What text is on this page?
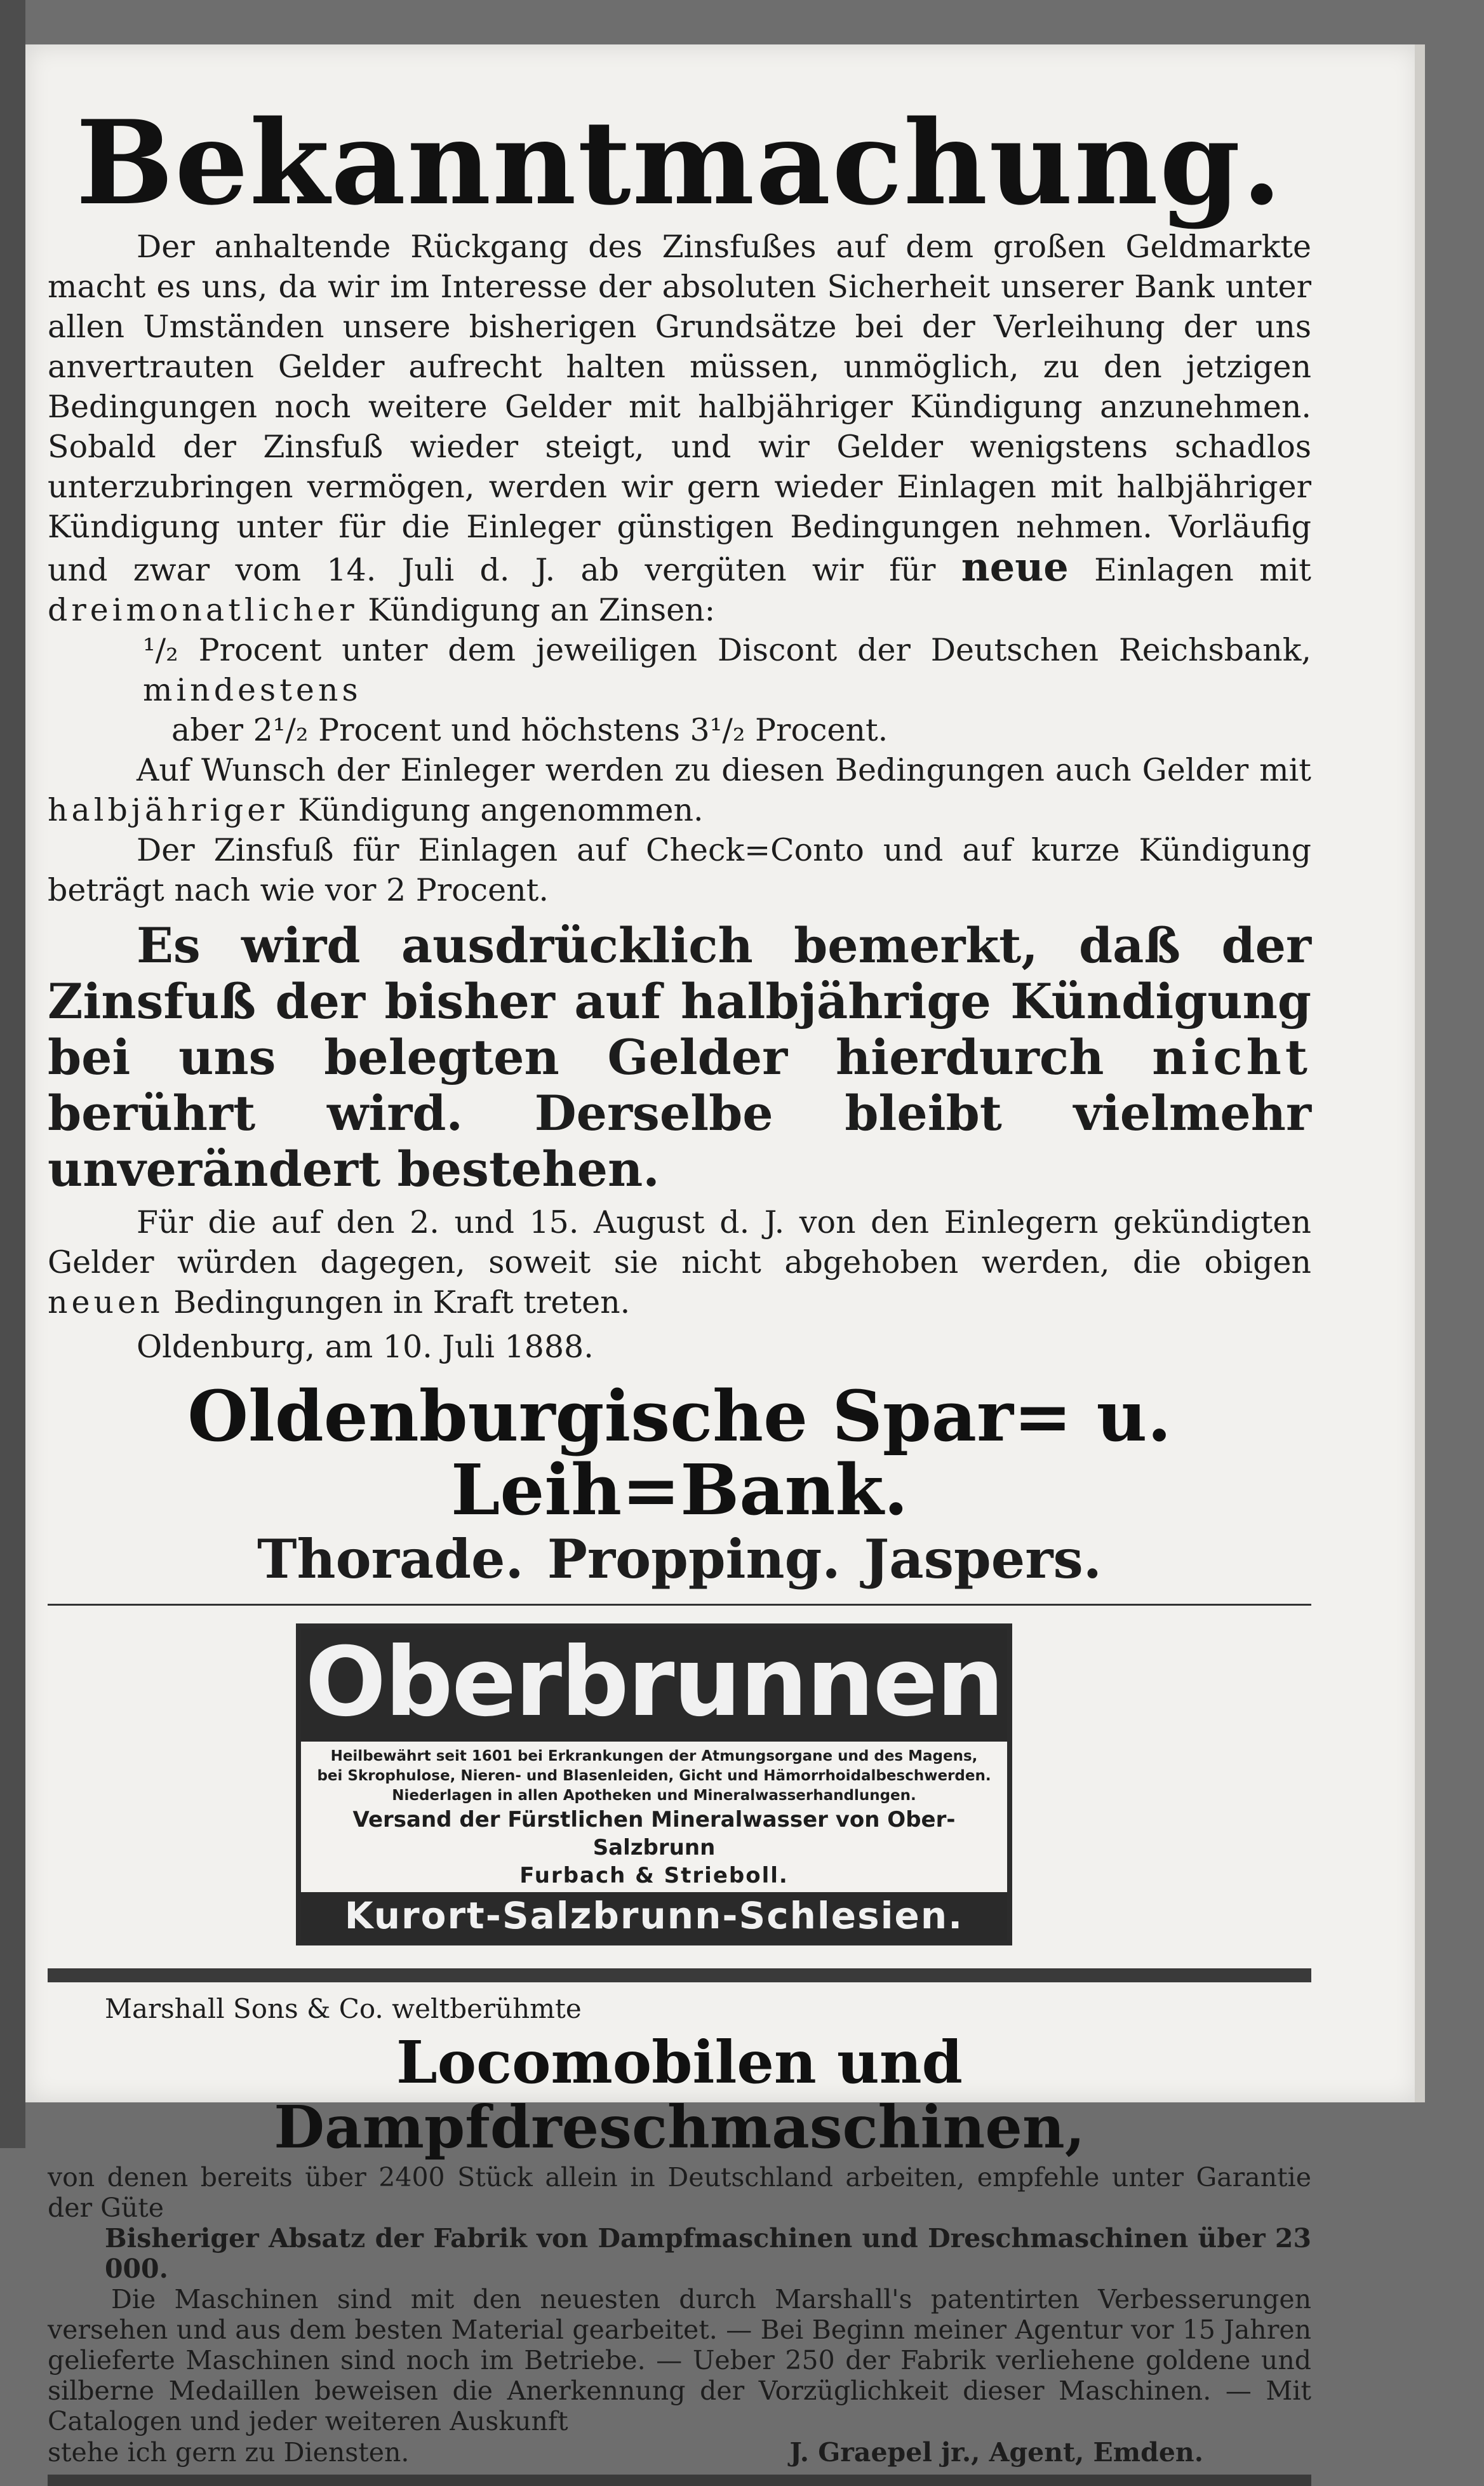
Bekanntmachung.

Der anhaltende Rückgang des Zinsfußes auf dem großen Geldmarkte macht es uns, da wir im Interesse der absoluten Sicherheit unserer Bank unter allen Umständen unsere bisherigen Grundsätze bei der Verleihung der uns anvertrauten Gelder aufrecht halten müssen, unmöglich, zu den jetzigen Bedingungen noch weitere Gelder mit halbjähriger Kündigung anzunehmen. Sobald der Zinsfuß wieder steigt, und wir Gelder wenigstens schadlos unterzubringen vermögen, werden wir gern wieder Einlagen mit halbjähriger Kündigung unter für die Einleger günstigen Bedingungen nehmen. Vorläufig und zwar vom 14. Juli d. J. ab vergüten wir für neue Einlagen mit dreimonatlicher Kündigung an Zinsen:

¹/₂ Procent unter dem jeweiligen Discont der Deutschen Reichsbank, mindestens

aber 2¹/₂ Procent und höchstens 3¹/₂ Procent.

Auf Wunsch der Einleger werden zu diesen Bedingungen auch Gelder mit halbjähriger Kündigung angenommen.

Der Zinsfuß für Einlagen auf Check=Conto und auf kurze Kündigung beträgt nach wie vor 2 Procent.

Es wird ausdrücklich bemerkt, daß der Zinsfuß der bisher auf halbjährige Kündigung bei uns belegten Gelder hierdurch nicht berührt wird. Derselbe bleibt vielmehr unverändert bestehen.

Für die auf den 2. und 15. August d. J. von den Einlegern gekündigten Gelder würden dagegen, soweit sie nicht abgehoben werden, die obigen neuen Bedingungen in Kraft treten.

Oldenburg, am 10. Juli 1888.

Oldenburgische Spar= u. Leih=Bank.
Thorade. Propping. Jaspers.
Oberbrunnen
Heilbewährt seit 1601 bei Erkrankungen der Atmungsorgane und des Magens,
bei Skrophulose, Nieren- und Blasenleiden, Gicht und Hämorrhoidalbeschwerden.
Niederlagen in allen Apotheken und Mineralwasserhandlungen.
Versand der Fürstlichen Mineralwasser von Ober-Salzbrunn
Furbach & Strieboll.
Kurort-Salzbrunn-Schlesien.
Marshall Sons & Co. weltberühmte
Locomobilen und Dampfdreschmaschinen,

von denen bereits über 2400 Stück allein in Deutschland arbeiten, empfehle unter Garantie der Güte

Bisheriger Absatz der Fabrik von Dampfmaschinen und Dreschmaschinen über 23 000.

Die Maschinen sind mit den neuesten durch Marshall's patentirten Verbesserungen versehen und aus dem besten Material gearbeitet. — Bei Beginn meiner Agentur vor 15 Jahren gelieferte Maschinen sind noch im Betriebe. — Ueber 250 der Fabrik verliehene goldene und silberne Medaillen beweisen die Anerkennung der Vorzüglichkeit dieser Maschinen. — Mit Catalogen und jeder weiteren Auskunft

stehe ich gern zu Diensten.	J. Graepel jr., Agent, Emden.
